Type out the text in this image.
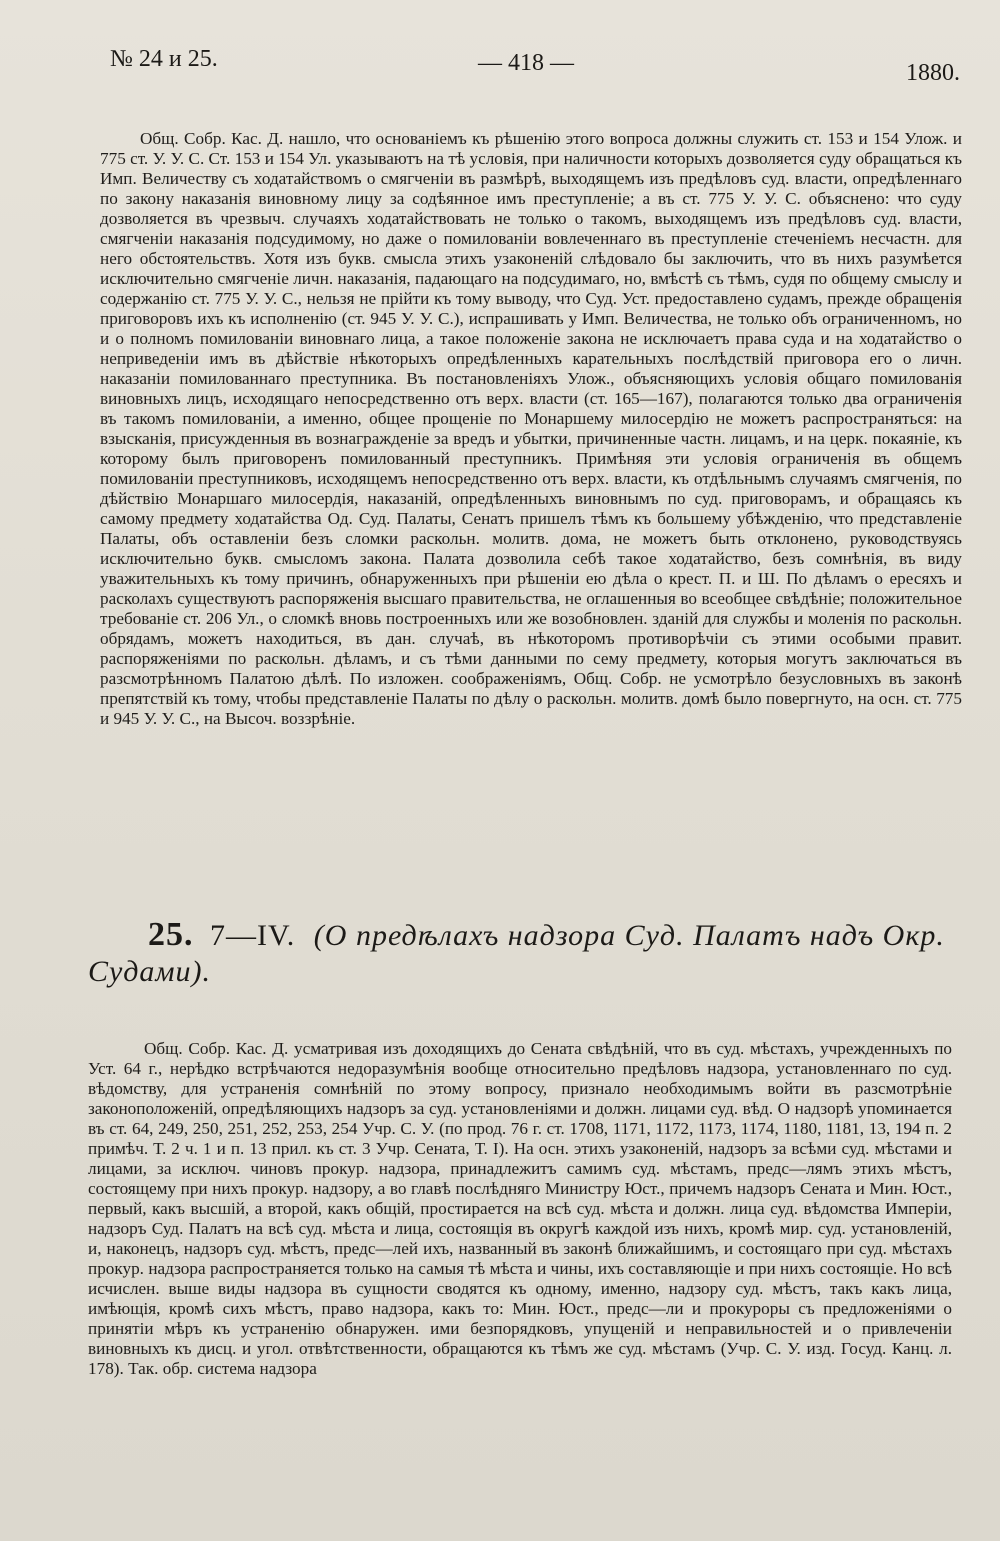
№ 24 и 25.	— 418 —	1880.

Общ. Собр. Кас. Д. нашло, что основаніемъ къ рѣшенію этого вопроса должны служить ст. 153 и 154 Улож. и 775 ст. У. У. С. Ст. 153 и 154 Ул. указываютъ на тѣ условія, при наличности которыхъ дозволяется суду обращаться къ Имп. Величеству съ ходатайствомъ о смягченіи въ размѣрѣ, выходящемъ изъ предѣловъ суд. власти, опредѣленнаго по закону наказанія виновному лицу за содѣянное имъ преступленіе; а въ ст. 775 У. У. С. объяснено: что суду дозволяется въ чрезвыч. случаяхъ ходатайствовать не только о такомъ, выходящемъ изъ предѣловъ суд. власти, смягченіи наказанія подсудимому, но даже о помилованіи вовлеченнаго въ преступленіе стеченіемъ несчастн. для него обстоятельствъ. Хотя изъ букв. смысла этихъ узаконеній слѣдовало бы заключить, что въ нихъ разумѣется исключительно смягченіе личн. наказанія, падающаго на подсудимаго, но, вмѣстѣ съ тѣмъ, судя по общему смыслу и содержанію ст. 775 У. У. С., нельзя не прійти къ тому выводу, что Суд. Уст. предоставлено судамъ, прежде обращенія приговоровъ ихъ къ исполненію (ст. 945 У. У. С.), испрашивать у Имп. Величества, не только объ ограниченномъ, но и о полномъ помилованіи виновнаго лица, а такое положеніе закона не исключаетъ права суда и на ходатайство о неприведеніи имъ въ дѣйствіе нѣкоторыхъ опредѣленныхъ карательныхъ послѣдствій приговора его о личн. наказаніи помилованнаго преступника. Въ постановленіяхъ Улож., объясняющихъ условія общаго помилованія виновныхъ лицъ, исходящаго непосредственно отъ верх. власти (ст. 165—167), полагаются только два ограниченія въ такомъ помилованіи, а именно, общее прощеніе по Монаршему милосердію не можетъ распространяться: на взысканія, присужденныя въ вознагражденіе за вредъ и убытки, причиненные частн. лицамъ, и на церк. покаяніе, къ которому былъ приговоренъ помилованный преступникъ. Примѣняя эти условія ограниченія въ общемъ помилованіи преступниковъ, исходящемъ непосредственно отъ верх. власти, къ отдѣльнымъ случаямъ смягченія, по дѣйствію Монаршаго милосердія, наказаній, опредѣленныхъ виновнымъ по суд. приговорамъ, и обращаясь къ самому предмету ходатайства Од. Суд. Палаты, Сенатъ пришелъ тѣмъ къ большему убѣжденію, что представленіе Палаты, объ оставленіи безъ сломки раскольн. молитв. дома, не можетъ быть отклонено, руководствуясь исключительно букв. смысломъ закона. Палата дозволила себѣ такое ходатайство, безъ сомнѣнія, въ виду уважительныхъ къ тому причинъ, обнаруженныхъ при рѣшеніи ею дѣла о крест. П. и Ш. По дѣламъ о ересяхъ и расколахъ существуютъ распоряженія высшаго правительства, не оглашенныя во всеобщее свѣдѣніе; положительное требованіе ст. 206 Ул., о сломкѣ вновь построенныхъ или же возобновлен. зданій для службы и моленія по раскольн. обрядамъ, можетъ находиться, въ дан. случаѣ, въ нѣкоторомъ противорѣчіи съ этими особыми правит. распоряженіями по раскольн. дѣламъ, и съ тѣми данными по сему предмету, которыя могутъ заключаться въ разсмотрѣнномъ Палатою дѣлѣ. По изложен. соображеніямъ, Общ. Собр. не усмотрѣло безусловныхъ въ законѣ препятствій къ тому, чтобы представленіе Палаты по дѣлу о раскольн. молитв. домѣ было повергнуто, на осн. ст. 775 и 945 У. У. С., на Высоч. воззрѣніе.

25. 7—IV. (О предѣлахъ надзора Суд. Палатъ надъ Окр.
Судами).

Общ. Собр. Кас. Д. усматривая изъ доходящихъ до Сената свѣдѣній, что въ суд. мѣстахъ, учрежденныхъ по Уст. 64 г., нерѣдко встрѣчаются недоразумѣнія вообще относительно предѣловъ надзора, установленнаго по суд. вѣдомству, для устраненія сомнѣній по этому вопросу, признало необходимымъ войти въ разсмотрѣніе законоположеній, опредѣляющихъ надзоръ за суд. установленіями и должн. лицами суд. вѣд. О надзорѣ упоминается въ ст. 64, 249, 250, 251, 252, 253, 254 Учр. С. У. (по прод. 76 г. ст. 1708, 1171, 1172, 1173, 1174, 1180, 1181, 13, 194 п. 2 примѣч. Т. 2 ч. 1 и п. 13 прил. къ ст. 3 Учр. Сената, Т. I). На осн. этихъ узаконеній, надзоръ за всѣми суд. мѣстами и лицами, за исключ. чиновъ прокур. надзора, принадлежитъ самимъ суд. мѣстамъ, предс—лямъ этихъ мѣстъ, состоящему при нихъ прокур. надзору, а во главѣ послѣдняго Министру Юст., причемъ надзоръ Сената и Мин. Юст., первый, какъ высшій, а второй, какъ общій, простирается на всѣ суд. мѣста и должн. лица суд. вѣдомства Имперіи, надзоръ Суд. Палатъ на всѣ суд. мѣста и лица, состоящія въ округѣ каждой изъ нихъ, кромѣ мир. суд. установленій, и, наконецъ, надзоръ суд. мѣстъ, предс—лей ихъ, названный въ законѣ ближайшимъ, и состоящаго при суд. мѣстахъ прокур. надзора распространяется только на самыя тѣ мѣста и чины, ихъ составляющіе и при нихъ состоящіе. Но всѣ исчислен. выше виды надзора въ сущности сводятся къ одному, именно, надзору суд. мѣстъ, такъ какъ лица, имѣющія, кромѣ сихъ мѣстъ, право надзора, какъ то: Мин. Юст., предс—ли и прокуроры съ предложеніями о принятіи мѣръ къ устраненію обнаружен. ими безпорядковъ, упущеній и неправильностей и о привлеченіи виновныхъ къ дисц. и угол. отвѣтственности, обращаются къ тѣмъ же суд. мѣстамъ (Учр. С. У. изд. Госуд. Канц. л. 178). Так. обр. система надзора
